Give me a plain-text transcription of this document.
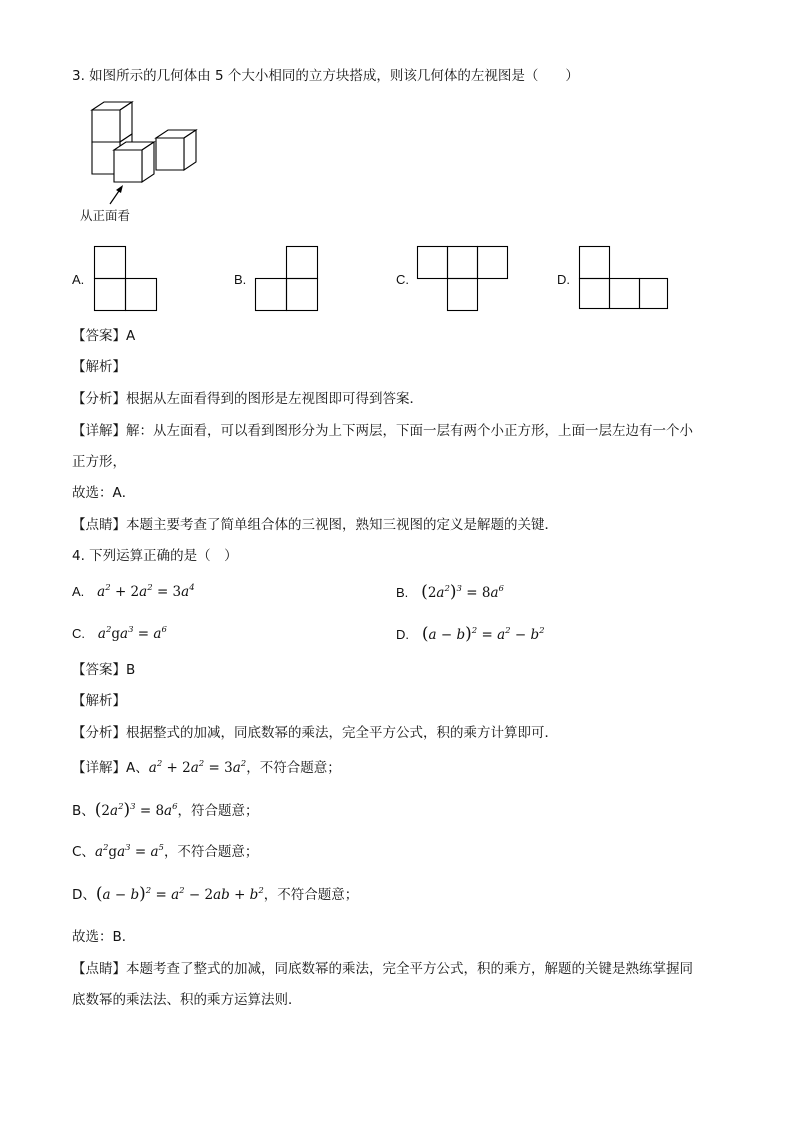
3. 如图所示的几何体由 5 个大小相同的立方块搭成，则该几何体的左视图是（　　）
从正面看
A.	B.	C.	D.
【答案】A
【解析】
【分析】根据从左面看得到的图形是左视图即可得到答案．
【详解】解：从左面看，可以看到图形分为上下两层，下面一层有两个小正方形，上面一层左边有一个小
正方形，
故选：A．
【点睛】本题主要考查了简单组合体的三视图，熟知三视图的定义是解题的关键．
4. 下列运算正确的是（　）
A. $a^2 + 2a^2 = 3a^4$	B. $(2a^2)^3 = 8a^6$
C. $a^2ga^3 = a^6$	D. $(a - b)^2 = a^2 - b^2$
【答案】B
【解析】
【分析】根据整式的加减，同底数幂的乘法，完全平方公式，积的乘方计算即可．
【详解】A、$a^2 + 2a^2 = 3a^2$，不符合题意；
B、$(2a^2)^3 = 8a^6$，符合题意；
C、$a^2ga^3 = a^5$，不符合题意；
D、$(a - b)^2 = a^2 - 2ab + b^2$，不符合题意；
故选：B．
【点睛】本题考查了整式的加减，同底数幂的乘法，完全平方公式，积的乘方，解题的关键是熟练掌握同
底数幂的乘法法、积的乘方运算法则．
